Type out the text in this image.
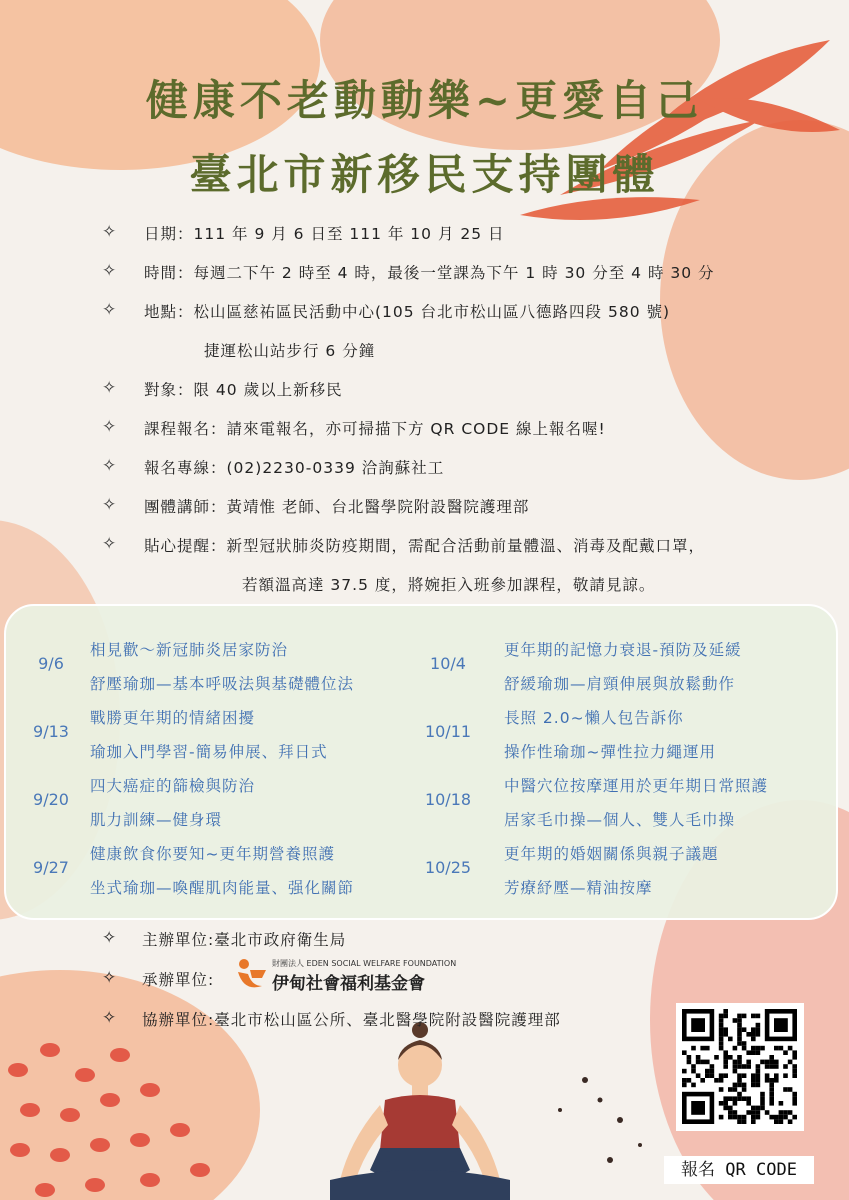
健康不老動動樂~更愛自己
臺北市新移民支持團體
✧ 日期：111 年 9 月 6 日至 111 年 10 月 25 日
✧ 時間：每週二下午 2 時至 4 時，最後一堂課為下午 1 時 30 分至 4 時 30 分
✧ 地點：松山區慈祐區民活動中心(105 台北市松山區八德路四段 580 號)
捷運松山站步行 6 分鐘
✧ 對象：限 40 歲以上新移民
✧ 課程報名：請來電報名，亦可掃描下方 QR CODE 線上報名喔!
✧ 報名專線：(02)2230-0339 洽詢蘇社工
✧ 團體講師：黃靖惟 老師、台北醫學院附設醫院護理部
✧ 貼心提醒：新型冠狀肺炎防疫期間，需配合活動前量體溫、消毒及配戴口罩，
若額溫高達 37.5 度，將婉拒入班參加課程，敬請見諒。
9/6
相見歡～新冠肺炎居家防治
舒壓瑜珈—基本呼吸法與基礎體位法
9/13
戰勝更年期的情緒困擾
瑜珈入門學習-簡易伸展、拜日式
9/20
四大癌症的篩檢與防治
肌力訓練—健身環
9/27
健康飲食你要知~更年期營養照護
坐式瑜珈—喚醒肌肉能量、强化關節
10/4
更年期的記憶力衰退-預防及延緩
舒緩瑜珈—肩頸伸展與放鬆動作
10/11
長照 2.0~懶人包告訴你
操作性瑜珈~彈性拉力繩運用
10/18
中醫穴位按摩運用於更年期日常照護
居家毛巾操—個人、雙人毛巾操
10/25
更年期的婚姻關係與親子議題
芳療紓壓—精油按摩
✧ 主辦單位:臺北市政府衛生局
✧ 承辦單位:
✧ 協辦單位:臺北市松山區公所、臺北醫學院附設醫院護理部
財團法人 EDEN SOCIAL WELFARE FOUNDATION
伊甸社會福利基金會
報名 QR CODE
